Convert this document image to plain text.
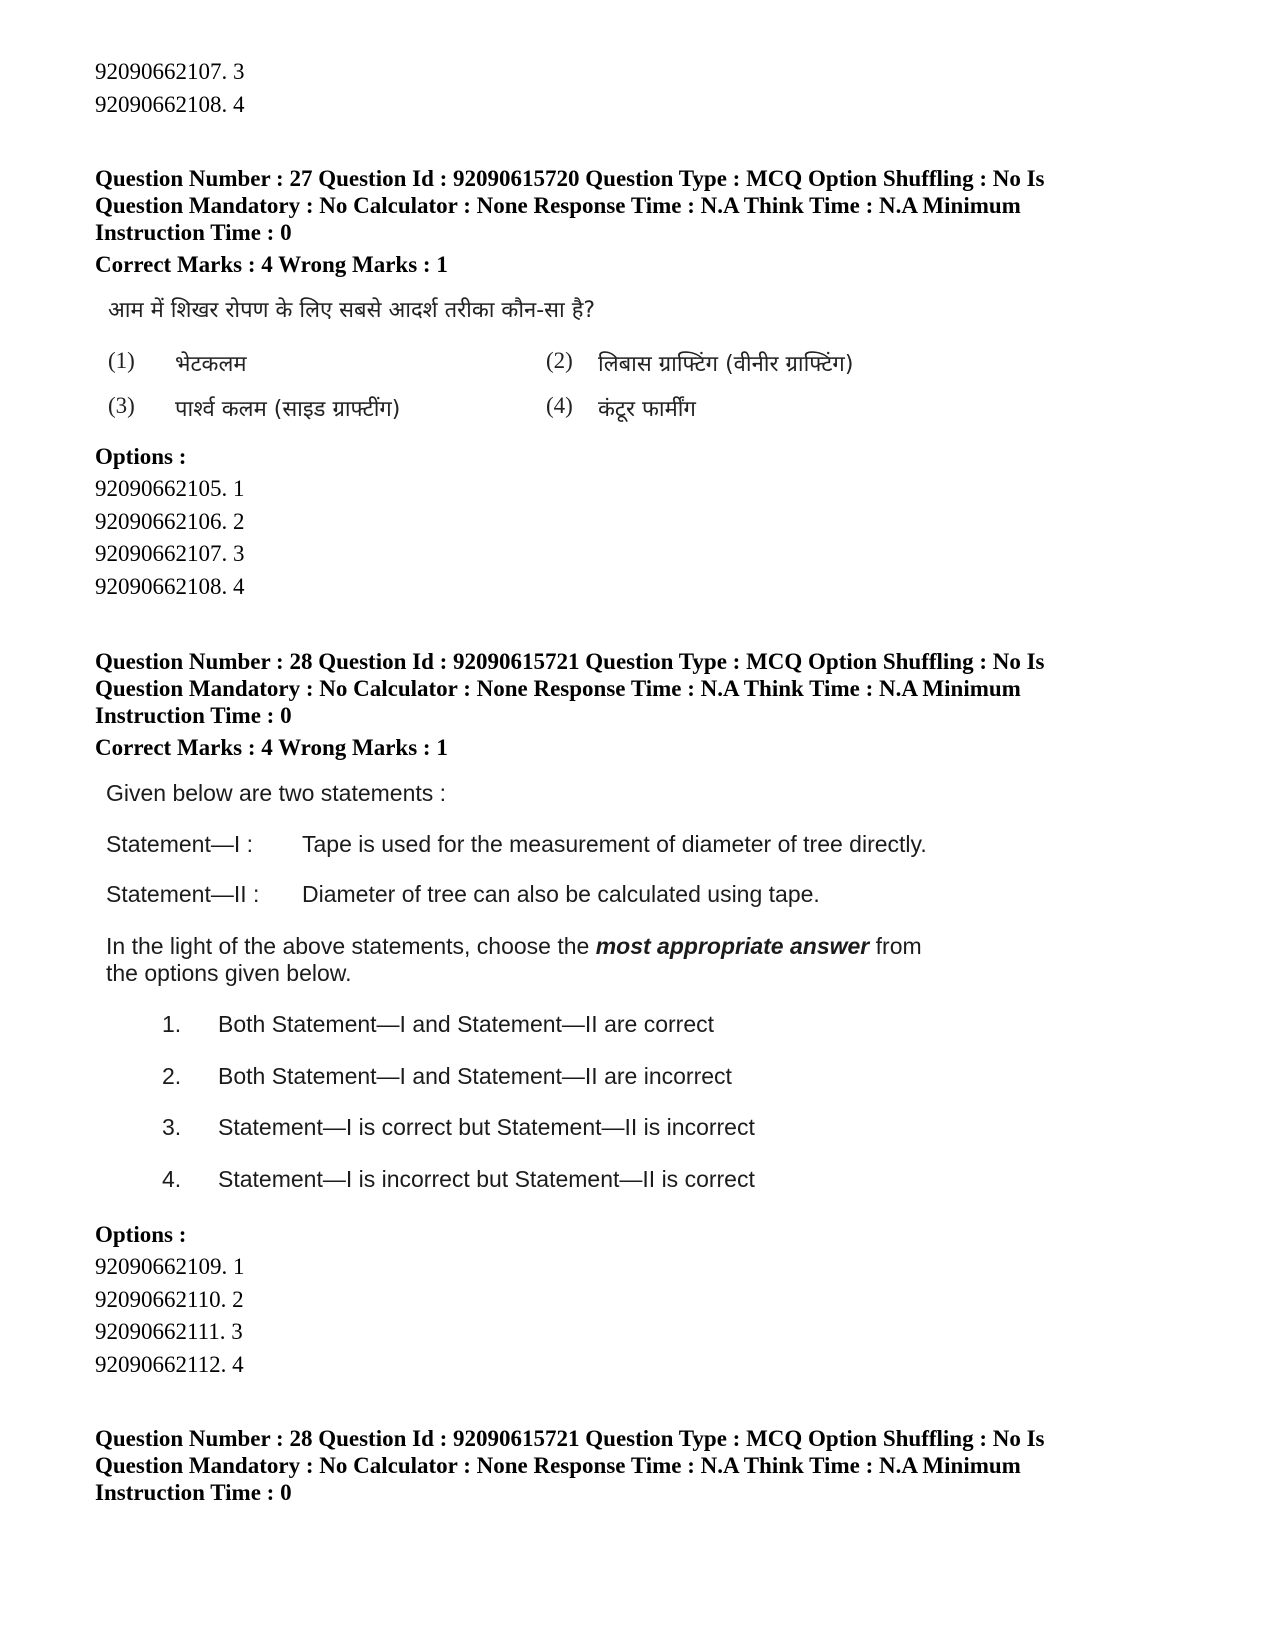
92090662107. 3
92090662108. 4
Question Number : 27 Question Id : 92090615720 Question Type : MCQ Option Shuffling : No Is
Question Mandatory : No Calculator : None Response Time : N.A Think Time : N.A Minimum
Instruction Time : 0
Correct Marks : 4 Wrong Marks : 1
आम में शिखर रोपण के लिए सबसे आदर्श तरीका कौन-सा है?
(1) भेटकलम	(2) लिबास ग्राफ्टिंग (वीनीर ग्राफ्टिंग)
(3) पार्श्व कलम (साइड ग्राफ्टींग)	(4) कंटूर फार्मींग
Options :
92090662105. 1
92090662106. 2
92090662107. 3
92090662108. 4
Question Number : 28 Question Id : 92090615721 Question Type : MCQ Option Shuffling : No Is
Question Mandatory : No Calculator : None Response Time : N.A Think Time : N.A Minimum
Instruction Time : 0
Correct Marks : 4 Wrong Marks : 1
Given below are two statements :
Statement—I : Tape is used for the measurement of diameter of tree directly.
Statement—II : Diameter of tree can also be calculated using tape.
In the light of the above statements, choose the most appropriate answer from
the options given below.
1. Both Statement—I and Statement—II are correct
2. Both Statement—I and Statement—II are incorrect
3. Statement—I is correct but Statement—II is incorrect
4. Statement—I is incorrect but Statement—II is correct
Options :
92090662109. 1
92090662110. 2
92090662111. 3
92090662112. 4
Question Number : 28 Question Id : 92090615721 Question Type : MCQ Option Shuffling : No Is
Question Mandatory : No Calculator : None Response Time : N.A Think Time : N.A Minimum
Instruction Time : 0
